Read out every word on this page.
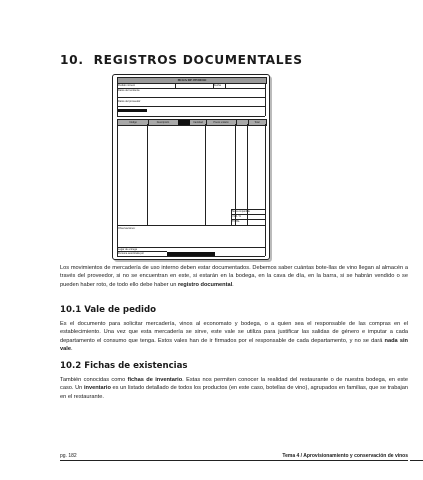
10. REGISTROS DOCUMENTALES
HOJA DE PEDIDO
Pedido número	Fecha
Datos del remitente
Datos del proveedor
Código	Descripción	Cantidad	Precio unitario	Total
Suma imponible
I.V.A. %
TOTAL
Observaciones:
Lugar de entrega
Persona autorizada por
Los movimientos de mercadería de uso interno deben estar documentados. Debemos saber cuántas bote-llas de vino llegan al almacén a través del proveedor, si no se encuentran en este, si estarán en la bodega, en la cava de día, en la barra, si se habrán vendido o se pueden haber roto, de todo ello debe haber un registro documental.
10.1 Vale de pedido
Es el documento para solicitar mercadería, vinos al economato y bodega, o a quien sea el responsable de las compras en el establecimiento. Una vez que esta mercadería se sirve, este vale se utiliza para justificar las salidas de género e imputar a cada departamento el consumo que tenga. Estos vales han de ir firmados por el responsable de cada departamento, y no se dará nada sin vale.
10.2 Fichas de existencias
También conocidas como fichas de inventario. Estas nos permiten conocer la realidad del restaurante o de nuestra bodega, en este caso. Un inventario es un listado detallado de todos los productos (en este caso, botellas de vino), agrupados en familias, que se trabajan en el restaurante.
pg. 182	Tema 4 / Aprovisionamiento y conservación de vinos
